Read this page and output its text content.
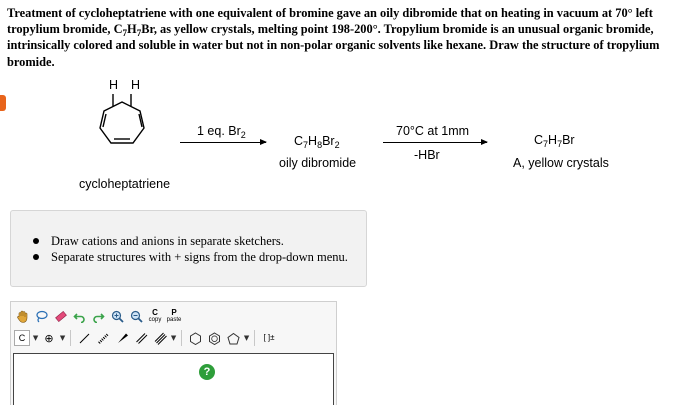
Treatment of cycloheptatriene with one equivalent of bromine gave an oily dibromide that on heating in vacuum at 70° left tropylium bromide, $C_7H_7Br$, as yellow crystals, melting point 198-200°. Tropylium bromide is an unusual organic bromide, intrinsically colored and soluble in water but not in non-polar organic solvents like hexane. Draw the structure of tropylium bromide.
H H
cycloheptatriene
1 eq. $Br_2$	$C_7H_8Br_2$
oily dibromide
70°C at 1mm
-HBr
$C_7H_7Br$
A, yellow crystals
Draw cations and anions in separate sketchers.
Separate structures with + signs from the drop-down menu.
C
copy
P
paste
C	▼ ⊕ ▼	▼	▼	[ ]±
?
